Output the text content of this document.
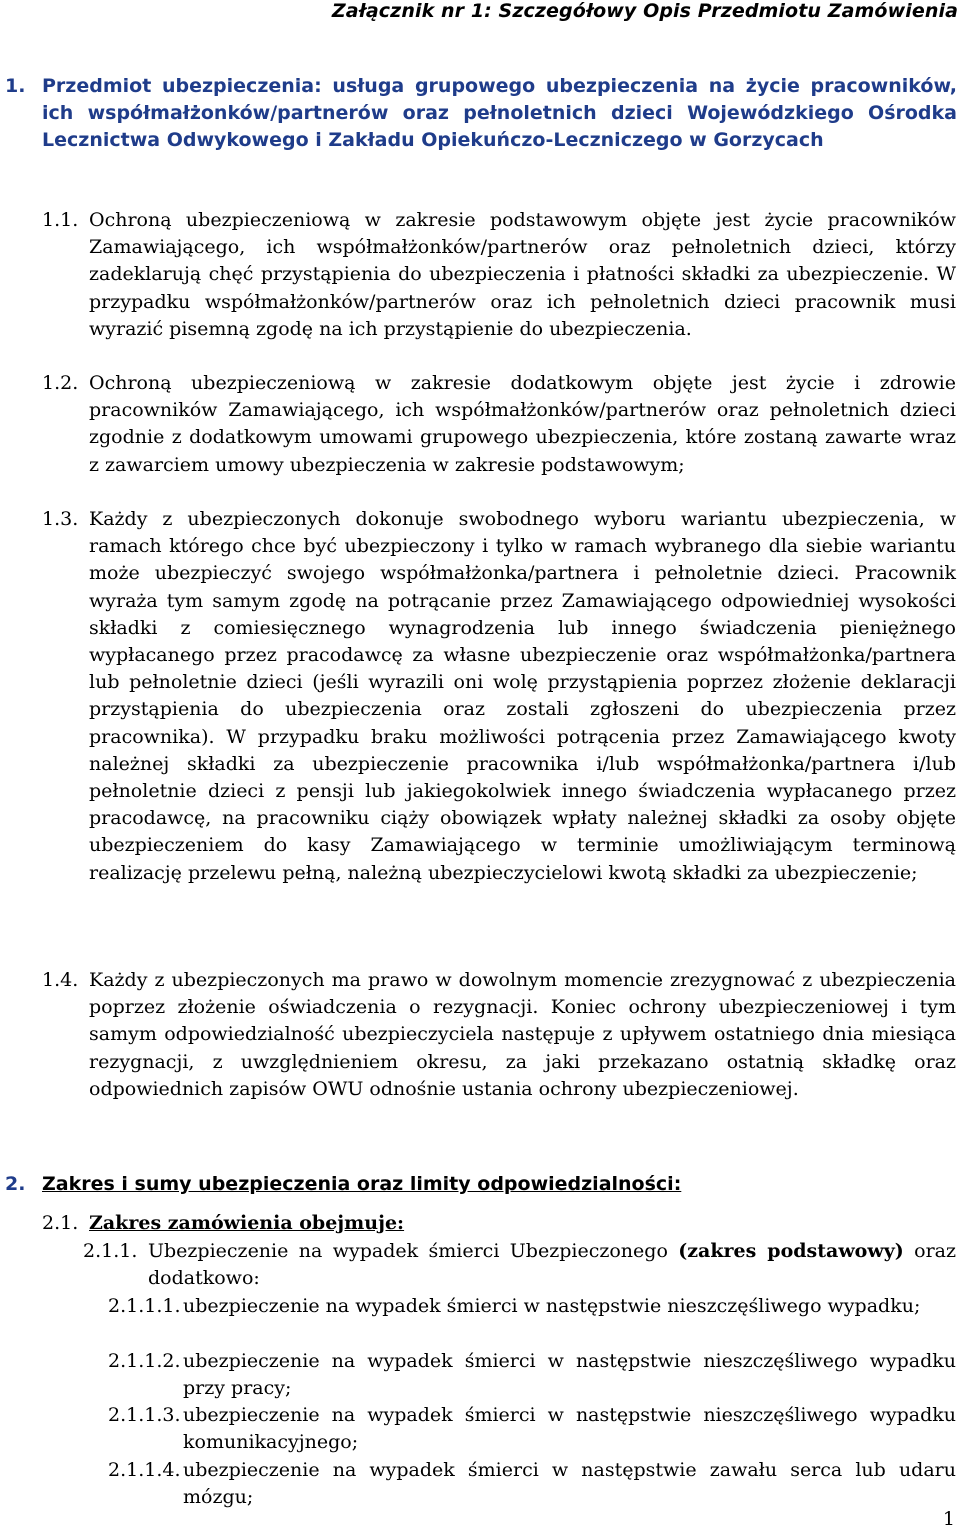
Załącznik nr 1: Szczegółowy Opis Przedmiotu Zamówienia
1. Przedmiot ubezpieczenia: usługa grupowego ubezpieczenia na życie pracowników, ich współmałżonków/partnerów oraz pełnoletnich dzieci Wojewódzkiego Ośrodka Lecznictwa Odwykowego i Zakładu Opiekuńczo-Leczniczego w Gorzycach
1.1. Ochroną ubezpieczeniową w zakresie podstawowym objęte jest życie pracowników Zamawiającego, ich współmałżonków/partnerów oraz pełnoletnich dzieci, którzy zadeklarują chęć przystąpienia do ubezpieczenia i płatności składki za ubezpieczenie. W przypadku współmałżonków/partnerów oraz ich pełnoletnich dzieci pracownik musi wyrazić pisemną zgodę na ich przystąpienie do ubezpieczenia.
1.2. Ochroną ubezpieczeniową w zakresie dodatkowym objęte jest życie i zdrowie pracowników Zamawiającego, ich współmałżonków/partnerów oraz pełnoletnich dzieci zgodnie z dodatkowym umowami grupowego ubezpieczenia, które zostaną zawarte wraz z zawarciem umowy ubezpieczenia w zakresie podstawowym;
1.3. Każdy z ubezpieczonych dokonuje swobodnego wyboru wariantu ubezpieczenia, w ramach którego chce być ubezpieczony i tylko w ramach wybranego dla siebie wariantu może ubezpieczyć swojego współmałżonka/partnera i pełnoletnie dzieci. Pracownik wyraża tym samym zgodę na potrącanie przez Zamawiającego odpowiedniej wysokości składki z comiesięcznego wynagrodzenia lub innego świadczenia pieniężnego wypłacanego przez pracodawcę za własne ubezpieczenie oraz współmałżonka/partnera lub pełnoletnie dzieci (jeśli wyrazili oni wolę przystąpienia poprzez złożenie deklaracji przystąpienia do ubezpieczenia oraz zostali zgłoszeni do ubezpieczenia przez pracownika). W przypadku braku możliwości potrącenia przez Zamawiającego kwoty należnej składki za ubezpieczenie pracownika i/lub współmałżonka/partnera i/lub pełnoletnie dzieci z pensji lub jakiegokolwiek innego świadczenia wypłacanego przez pracodawcę, na pracowniku ciąży obowiązek wpłaty należnej składki za osoby objęte ubezpieczeniem do kasy Zamawiającego w terminie umożliwiającym terminową realizację przelewu pełną, należną ubezpieczycielowi kwotą składki za ubezpieczenie;
1.4. Każdy z ubezpieczonych ma prawo w dowolnym momencie zrezygnować z ubezpieczenia poprzez złożenie oświadczenia o rezygnacji. Koniec ochrony ubezpieczeniowej i tym samym odpowiedzialność ubezpieczyciela następuje z upływem ostatniego dnia miesiąca rezygnacji, z uwzględnieniem okresu, za jaki przekazano ostatnią składkę oraz odpowiednich zapisów OWU odnośnie ustania ochrony ubezpieczeniowej.
2. Zakres i sumy ubezpieczenia oraz limity odpowiedzialności:
2.1. Zakres zamówienia obejmuje:
2.1.1. Ubezpieczenie na wypadek śmierci Ubezpieczonego (zakres podstawowy) oraz dodatkowo:
2.1.1.1. ubezpieczenie na wypadek śmierci w następstwie nieszczęśliwego wypadku;
2.1.1.2. ubezpieczenie na wypadek śmierci w następstwie nieszczęśliwego wypadku przy pracy;
2.1.1.3. ubezpieczenie na wypadek śmierci w następstwie nieszczęśliwego wypadku komunikacyjnego;
2.1.1.4. ubezpieczenie na wypadek śmierci w następstwie zawału serca lub udaru mózgu;
1
